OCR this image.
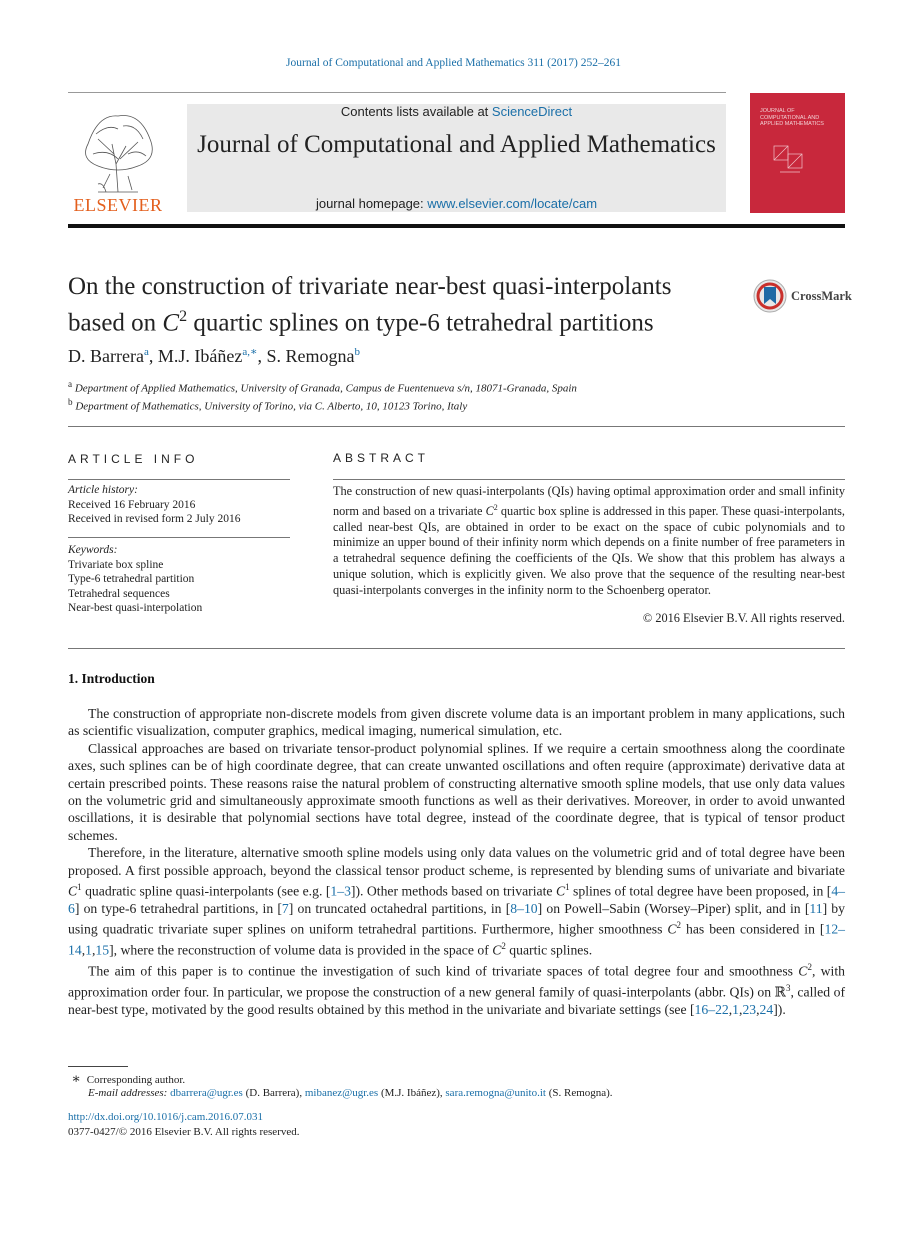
Journal of Computational and Applied Mathematics 311 (2017) 252–261
ELSEVIER
Contents lists available at ScienceDirect
Journal of Computational and Applied Mathematics
journal homepage: www.elsevier.com/locate/cam
JOURNAL OF COMPUTATIONAL AND APPLIED MATHEMATICS
On the construction of trivariate near-best quasi-interpolants
based on $C^2$ quartic splines on type-6 tetrahedral partitions
CrossMark
D. Barrera$^a$, M.J. Ibáñez$^{a,∗}$, S. Remogna$^b$
$^a$ Department of Applied Mathematics, University of Granada, Campus de Fuentenueva s/n, 18071-Granada, Spain
$^b$ Department of Mathematics, University of Torino, via C. Alberto, 10, 10123 Torino, Italy
ARTICLE INFO
Article history:
Received 16 February 2016
Received in revised form 2 July 2016
Keywords:
Trivariate box spline
Type-6 tetrahedral partition
Tetrahedral sequences
Near-best quasi-interpolation
ABSTRACT
The construction of new quasi-interpolants (QIs) having optimal approximation order and small infinity norm and based on a trivariate $C^2$ quartic box spline is addressed in this paper. These quasi-interpolants, called near-best QIs, are obtained in order to be exact on the space of cubic polynomials and to minimize an upper bound of their infinity norm which depends on a finite number of free parameters in a tetrahedral sequence defining the coefficients of the QIs. We show that this problem has always a unique solution, which is explicitly given. We also prove that the sequence of the resulting near-best quasi-interpolants converges in the infinity norm to the Schoenberg operator.
© 2016 Elsevier B.V. All rights reserved.
1. Introduction

The construction of appropriate non-discrete models from given discrete volume data is an important problem in many applications, such as scientific visualization, computer graphics, medical imaging, numerical simulation, etc.

Classical approaches are based on trivariate tensor-product polynomial splines. If we require a certain smoothness along the coordinate axes, such splines can be of high coordinate degree, that can create unwanted oscillations and often require (approximate) derivative data at certain prescribed points. These reasons raise the natural problem of constructing alternative smooth spline models, that use only data values on the volumetric grid and simultaneously approximate smooth functions as well as their derivatives. Moreover, in order to avoid unwanted oscillations, it is desirable that polynomial sections have total degree, instead of the coordinate degree, that is typical of tensor product schemes.

Therefore, in the literature, alternative smooth spline models using only data values on the volumetric grid and of total degree have been proposed. A first possible approach, beyond the classical tensor product scheme, is represented by blending sums of univariate and bivariate $C^1$ quadratic spline quasi-interpolants (see e.g. [1–3]). Other methods based on trivariate $C^1$ splines of total degree have been proposed, in [4–6] on type-6 tetrahedral partitions, in [7] on truncated octahedral partitions, in [8–10] on Powell–Sabin (Worsey–Piper) split, and in [11] by using quadratic trivariate super splines on uniform tetrahedral partitions. Furthermore, higher smoothness $C^2$ has been considered in [12–14,1,15], where the reconstruction of volume data is provided in the space of $C^2$ quartic splines.

The aim of this paper is to continue the investigation of such kind of trivariate spaces of total degree four and smoothness $C^2$, with approximation order four. In particular, we propose the construction of a new general family of quasi-interpolants (abbr. QIs) on ℝ$^3$, called of near-best type, motivated by the good results obtained by this method in the univariate and bivariate settings (see [16–22,1,23,24]).

∗ Corresponding author.
E-mail addresses: dbarrera@ugr.es (D. Barrera), mibanez@ugr.es (M.J. Ibáñez), sara.remogna@unito.it (S. Remogna).
http://dx.doi.org/10.1016/j.cam.2016.07.031
0377-0427/© 2016 Elsevier B.V. All rights reserved.
